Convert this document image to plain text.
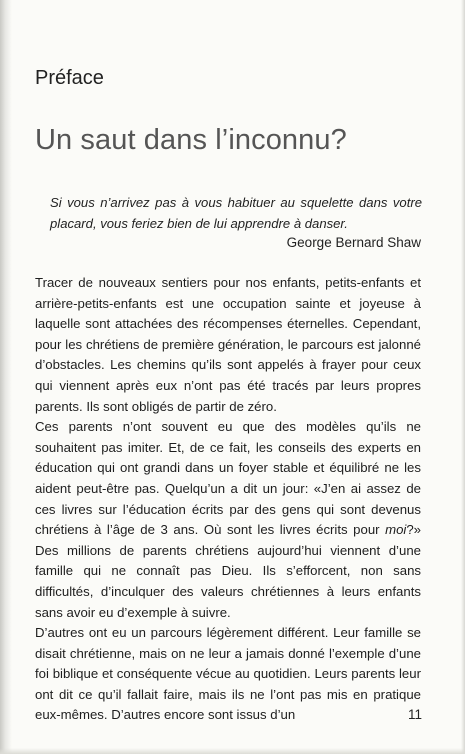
Préface
Un saut dans l’inconnu?
Si vous n’arrivez pas à vous habituer au squelette dans votre placard, vous feriez bien de lui apprendre à danser.
George Bernard Shaw

Tracer de nouveaux sentiers pour nos enfants, petits-enfants et arrière-petits-enfants est une occupation sainte et joyeuse à laquelle sont attachées des récompenses éternelles. Cependant, pour les chrétiens de première génération, le parcours est jalonné d’obstacles. Les chemins qu’ils sont appelés à frayer pour ceux qui viennent après eux n’ont pas été tracés par leurs propres parents. Ils sont obligés de partir de zéro.

Ces parents n’ont souvent eu que des modèles qu’ils ne souhaitent pas imiter. Et, de ce fait, les conseils des experts en éducation qui ont grandi dans un foyer stable et équilibré ne les aident peut-être pas. Quelqu’un a dit un jour: «J’en ai assez de ces livres sur l’éducation écrits par des gens qui sont devenus chrétiens à l’âge de 3 ans. Où sont les livres écrits pour moi?» Des millions de parents chrétiens aujourd’hui viennent d’une famille qui ne connaît pas Dieu. Ils s’efforcent, non sans difficultés, d’inculquer des valeurs chrétiennes à leurs enfants sans avoir eu d’exemple à suivre.

D’autres ont eu un parcours légèrement différent. Leur famille se disait chrétienne, mais on ne leur a jamais donné l’exemple d’une foi biblique et conséquente vécue au quotidien. Leurs parents leur ont dit ce qu’il fallait faire, mais ils ne l’ont pas mis en pratique eux-mêmes. D’autres encore sont issus d’un	11
